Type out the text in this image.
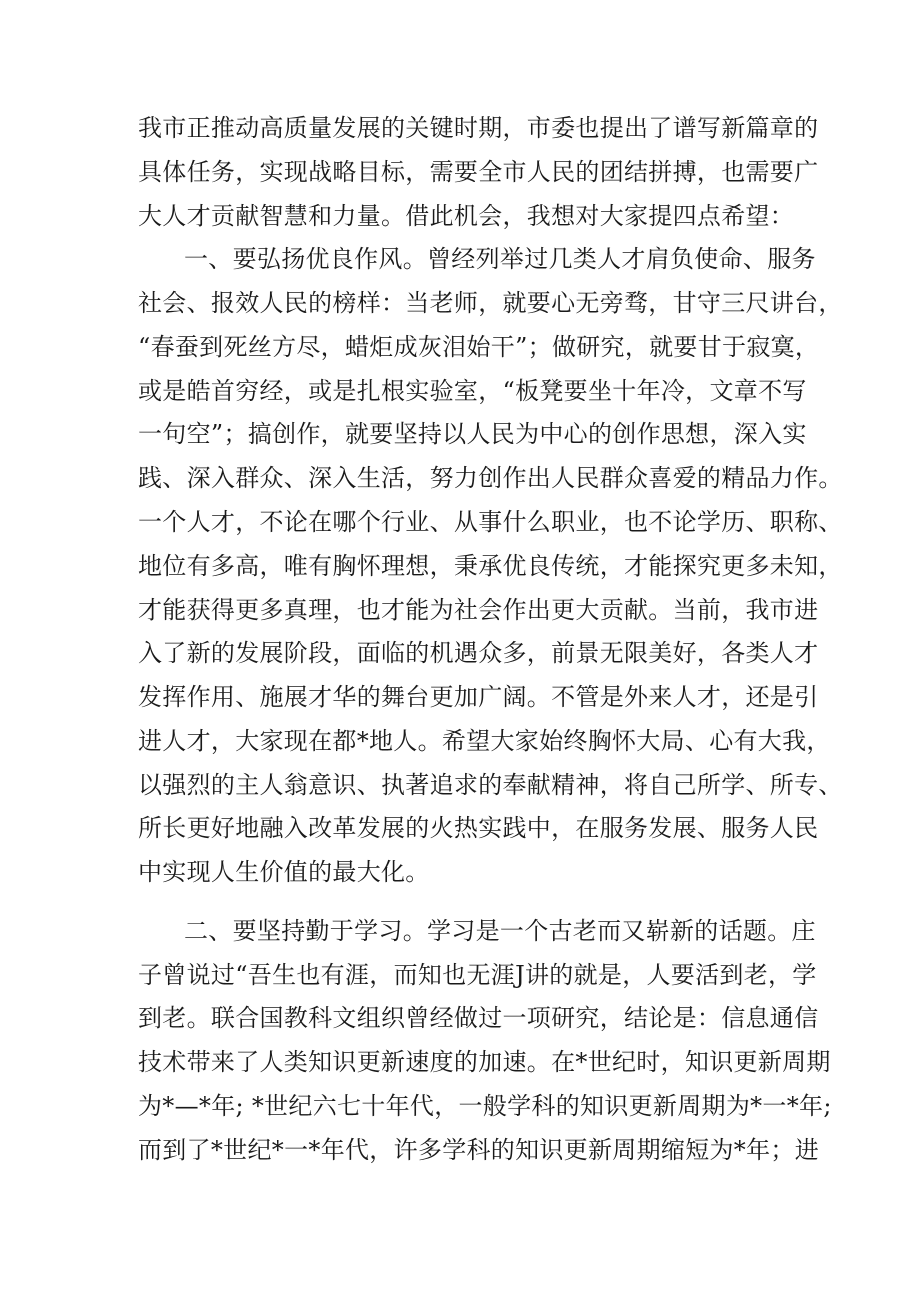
我市正推动高质量发展的关键时期，市委也提出了谱写新篇章的
具体任务，实现战略目标，需要全市人民的团结拼搏，也需要广
大人才贡献智慧和力量。借此机会，我想对大家提四点希望：
一、要弘扬优良作风。曾经列举过几类人才肩负使命、服务
社会、报效人民的榜样：当老师，就要心无旁骛，甘守三尺讲台，
“春蚕到死丝方尽，蜡炬成灰泪始干”；做研究，就要甘于寂寞，
或是皓首穷经，或是扎根实验室，“板凳要坐十年冷，文章不写
一句空”；搞创作，就要坚持以人民为中心的创作思想，深入实
践、深入群众、深入生活，努力创作出人民群众喜爱的精品力作。
一个人才，不论在哪个行业、从事什么职业，也不论学历、职称、
地位有多高，唯有胸怀理想，秉承优良传统，才能探究更多未知，
才能获得更多真理，也才能为社会作出更大贡献。当前，我市进
入了新的发展阶段，面临的机遇众多，前景无限美好，各类人才
发挥作用、施展才华的舞台更加广阔。不管是外来人才，还是引
进人才，大家现在都*地人。希望大家始终胸怀大局、心有大我，
以强烈的主人翁意识、执著追求的奉献精神，将自己所学、所专、
所长更好地融入改革发展的火热实践中，在服务发展、服务人民
中实现人生价值的最大化。
二、要坚持勤于学习。学习是一个古老而又崭新的话题。庄
子曾说过“吾生也有涯，而知也无涯J讲的就是，人要活到老，学
到老。联合国教科文组织曾经做过一项研究，结论是：信息通信
技术带来了人类知识更新速度的加速。在*世纪时，知识更新周期
为*—*年; *世纪六七十年代，一般学科的知识更新周期为*一*年;
而到了*世纪*一*年代，许多学科的知识更新周期缩短为*年；进
